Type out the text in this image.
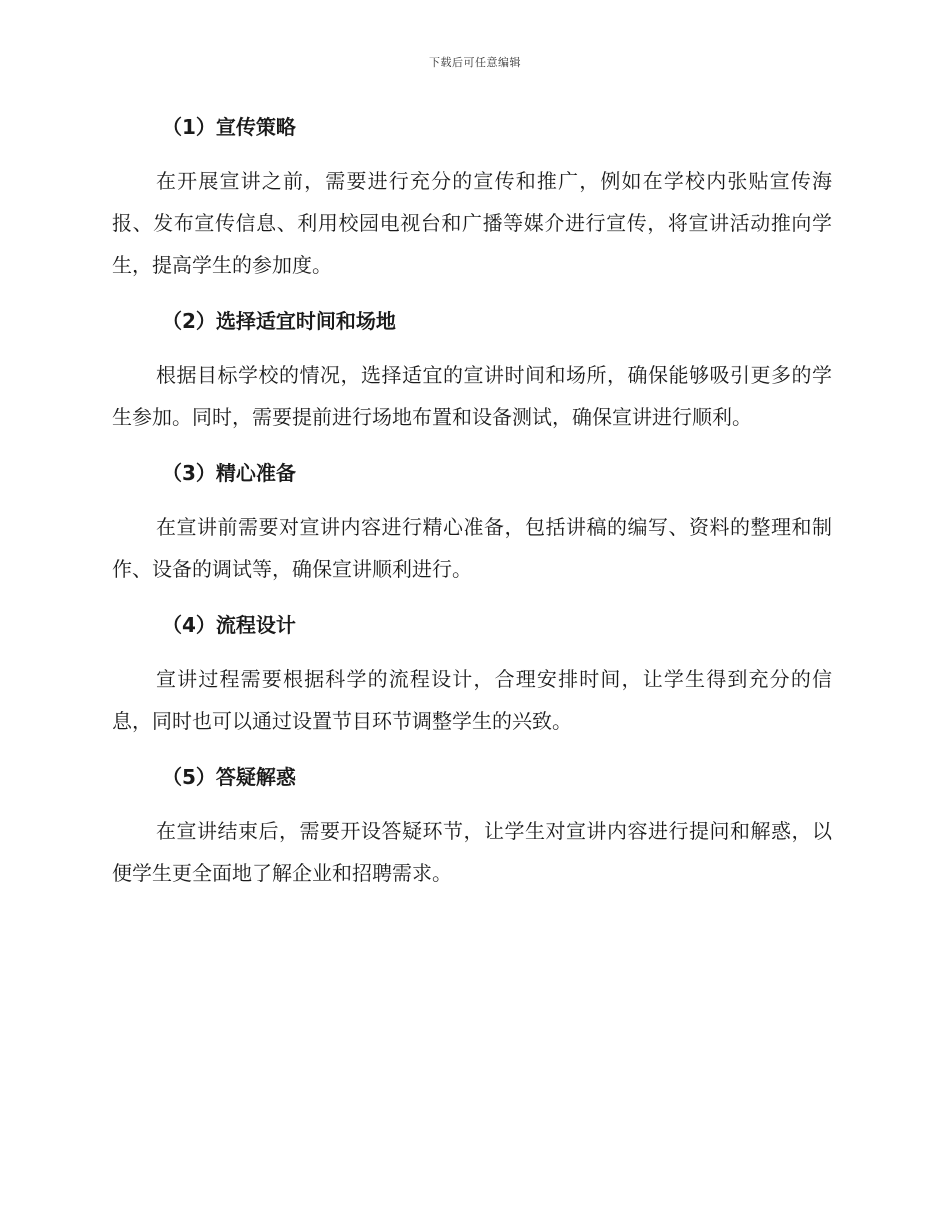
下载后可任意编辑
（1）宣传策略

在开展宣讲之前，需要进行充分的宣传和推广，例如在学校内张贴宣传海报、发布宣传信息、利用校园电视台和广播等媒介进行宣传，将宣讲活动推向学生，提高学生的参加度。

（2）选择适宜时间和场地

根据目标学校的情况，选择适宜的宣讲时间和场所，确保能够吸引更多的学生参加。同时，需要提前进行场地布置和设备测试，确保宣讲进行顺利。

（3）精心准备

在宣讲前需要对宣讲内容进行精心准备，包括讲稿的编写、资料的整理和制作、设备的调试等，确保宣讲顺利进行。

（4）流程设计

宣讲过程需要根据科学的流程设计，合理安排时间，让学生得到充分的信息，同时也可以通过设置节目环节调整学生的兴致。

（5）答疑解惑

在宣讲结束后，需要开设答疑环节，让学生对宣讲内容进行提问和解惑，以便学生更全面地了解企业和招聘需求。
